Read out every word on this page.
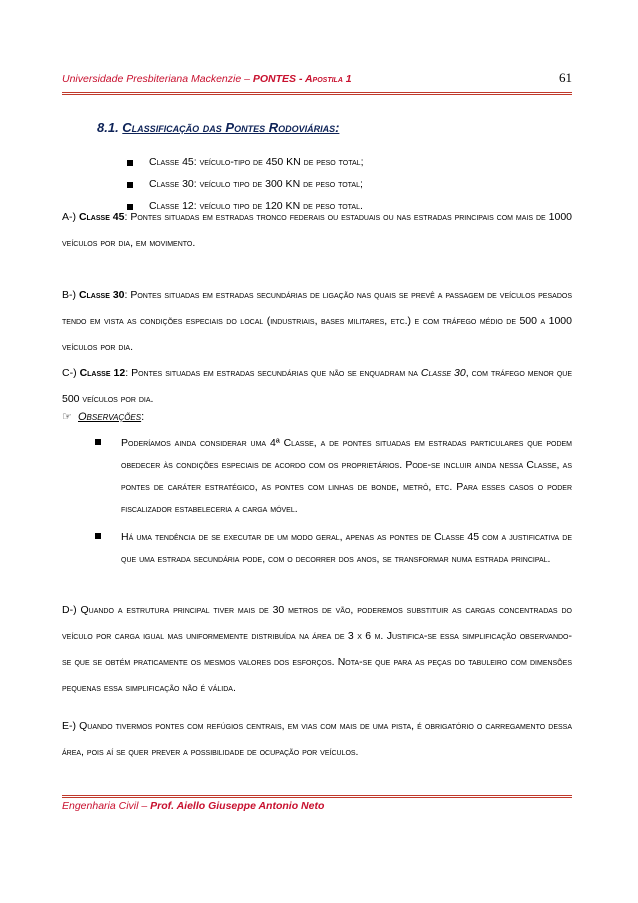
Universidade Presbiteriana Mackenzie – PONTES - Apostila 1	61
8.1. Classificação das Pontes Rodoviárias:
Classe 45: veículo-tipo de 450 KN de peso total;
Classe 30: veículo tipo de 300 KN de peso total;
Classe 12: veículo tipo de 120 KN de peso total.
A-) Classe 45: Pontes situadas em estradas tronco federais ou estaduais ou nas estradas principais com mais de 1000 veículos por dia, em movimento.
B-) Classe 30: Pontes situadas em estradas secundárias de ligação nas quais se prevê a passagem de veículos pesados tendo em vista as condições especiais do local (industriais, bases militares, etc.) e com tráfego médio de 500 a 1000 veículos por dia.
C-) Classe 12: Pontes situadas em estradas secundárias que não se enquadram na Classe 30, com tráfego menor que 500 veículos por dia.
☞ Observações:
Poderíamos ainda considerar uma 4ª Classe, a de pontes situadas em estradas particulares que podem obedecer às condições especiais de acordo com os proprietários. Pode-se incluir ainda nessa Classe, as pontes de caráter estratégico, as pontes com linhas de bonde, metrô, etc. Para esses casos o poder fiscalizador estabeleceria a carga móvel.
Há uma tendência de se executar de um modo geral, apenas as pontes de Classe 45 com a justificativa de que uma estrada secundária pode, com o decorrer dos anos, se transformar numa estrada principal.
D-) Quando a estrutura principal tiver mais de 30 metros de vão, poderemos substituir as cargas concentradas do veículo por carga igual mas uniformemente distribuída na área de 3 x 6 m. Justifica-se essa simplificação observando-se que se obtém praticamente os mesmos valores dos esforços. Nota-se que para as peças do tabuleiro com dimensões pequenas essa simplificação não é válida.
E-) Quando tivermos pontes com refúgios centrais, em vias com mais de uma pista, é obrigatório o carregamento dessa área, pois aí se quer prever a possibilidade de ocupação por veículos.
Engenharia Civil – Prof. Aiello Giuseppe Antonio Neto
